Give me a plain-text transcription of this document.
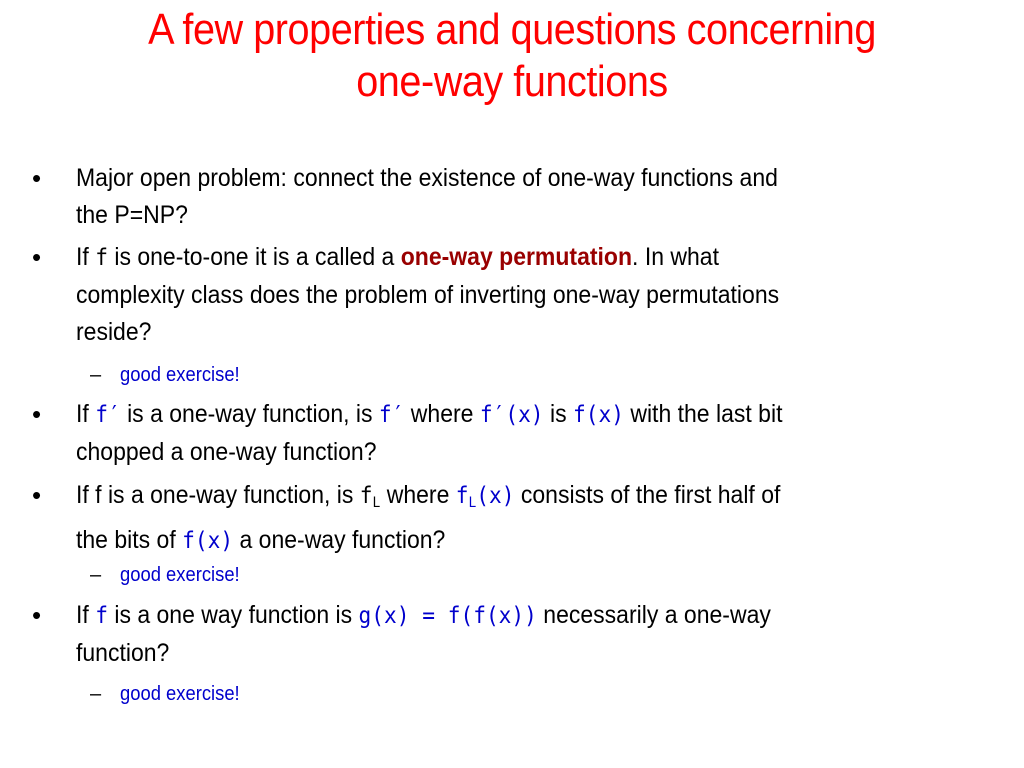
A few properties and questions concerning
one-way functions
• Major open problem: connect the existence of one-way functions and
the P=NP?
• If f is one-to-one it is a called a one-way permutation. In what
complexity class does the problem of inverting one-way permutations
reside?
– good exercise!
• If f′ is a one-way function, is f′ where f′(x) is f(x) with the last bit
chopped a one-way function?
• If f is a one-way function, is $f_L$ where $f_L(x)$ consists of the first half of
the bits of f(x) a one-way function?
– good exercise!
• If f is a one way function is g(x) = f(f(x)) necessarily a one-way
function?
– good exercise!
